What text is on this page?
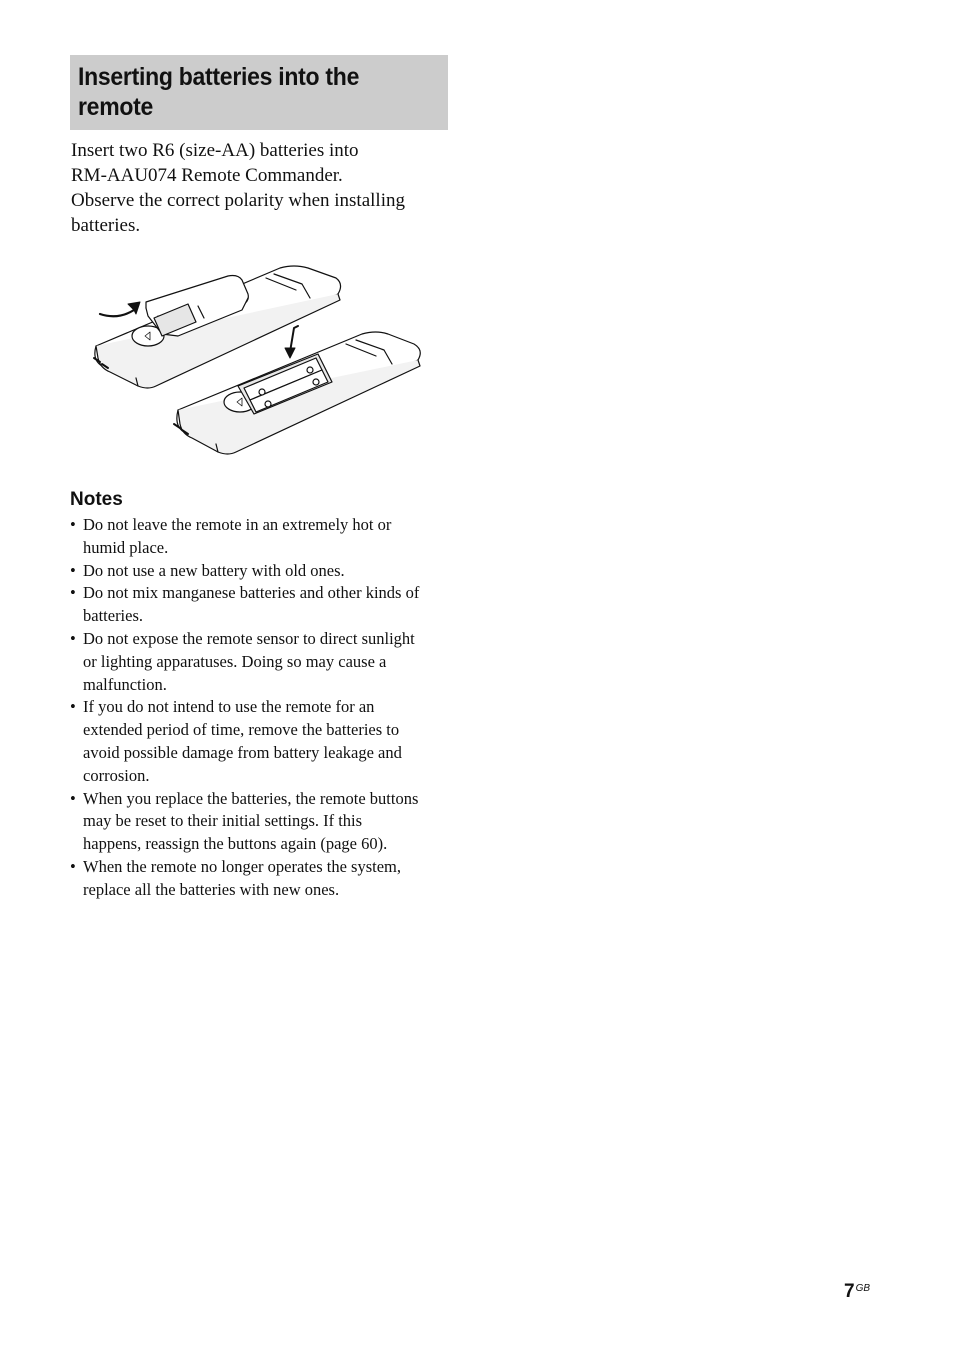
Inserting batteries into the
remote

Insert two R6 (size-AA) batteries into
RM-AAU074 Remote Commander.
Observe the correct polarity when installing
batteries.

Notes
• Do not leave the remote in an extremely hot or
humid place.
• Do not use a new battery with old ones.
• Do not mix manganese batteries and other kinds of
batteries.
• Do not expose the remote sensor to direct sunlight
or lighting apparatuses. Doing so may cause a
malfunction.
• If you do not intend to use the remote for an
extended period of time, remove the batteries to
avoid possible damage from battery leakage and
corrosion.
• When you replace the batteries, the remote buttons
may be reset to their initial settings. If this
happens, reassign the buttons again (page 60).
• When the remote no longer operates the system,
replace all the batteries with new ones.
$7^{GB}$
